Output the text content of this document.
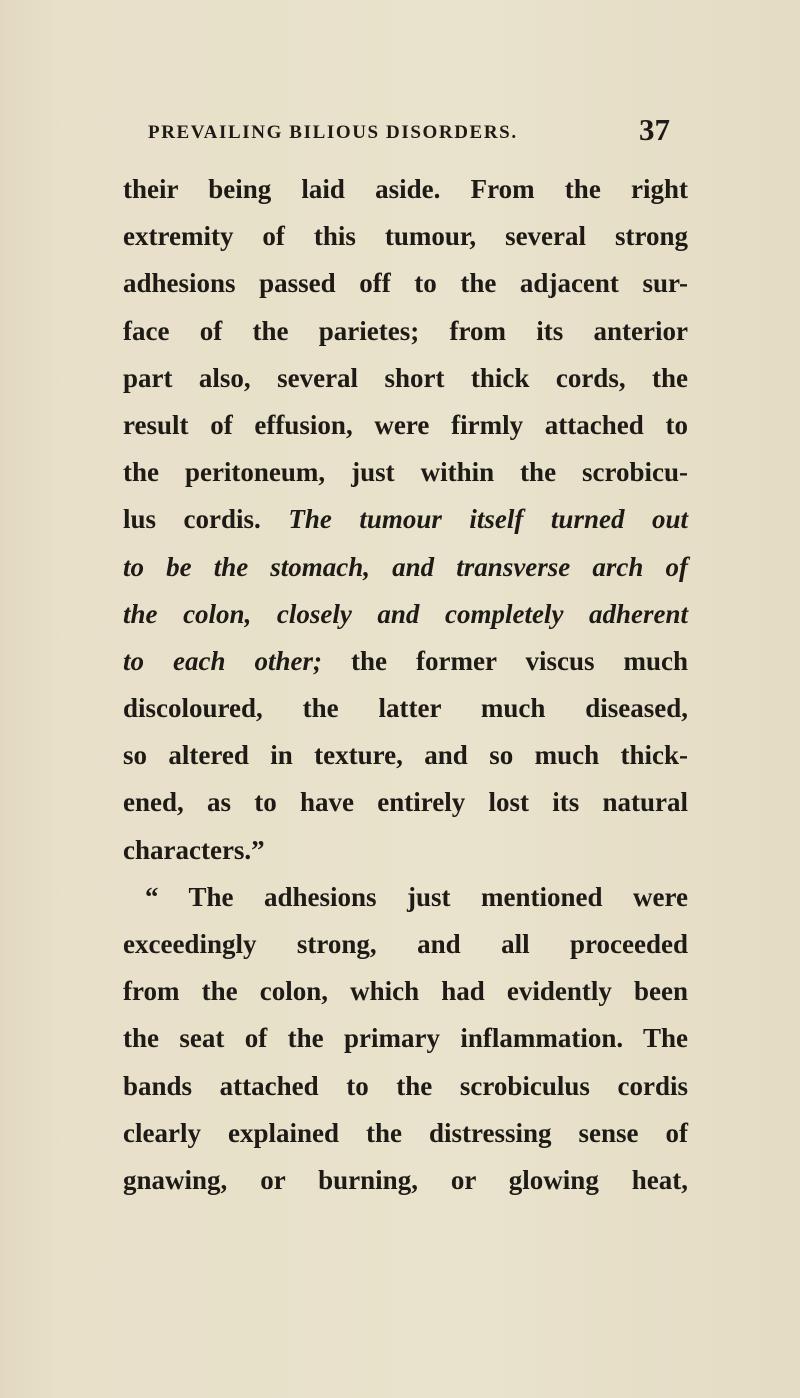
PREVAILING BILIOUS DISORDERS.	37
their being laid aside. From the right
extremity of this tumour, several strong
adhesions passed off to the adjacent sur-
face of the parietes; from its anterior
part also, several short thick cords, the
result of effusion, were firmly attached to
the peritoneum, just within the scrobicu-
lus cordis. The tumour itself turned out
to be the stomach, and transverse arch of
the colon, closely and completely adherent
to each other; the former viscus much
discoloured, the latter much diseased,
so altered in texture, and so much thick-
ened, as to have entirely lost its natural
characters.”
“ The adhesions just mentioned were
exceedingly strong, and all proceeded
from the colon, which had evidently been
the seat of the primary inflammation. The
bands attached to the scrobiculus cordis
clearly explained the distressing sense of
gnawing, or burning, or glowing heat,
